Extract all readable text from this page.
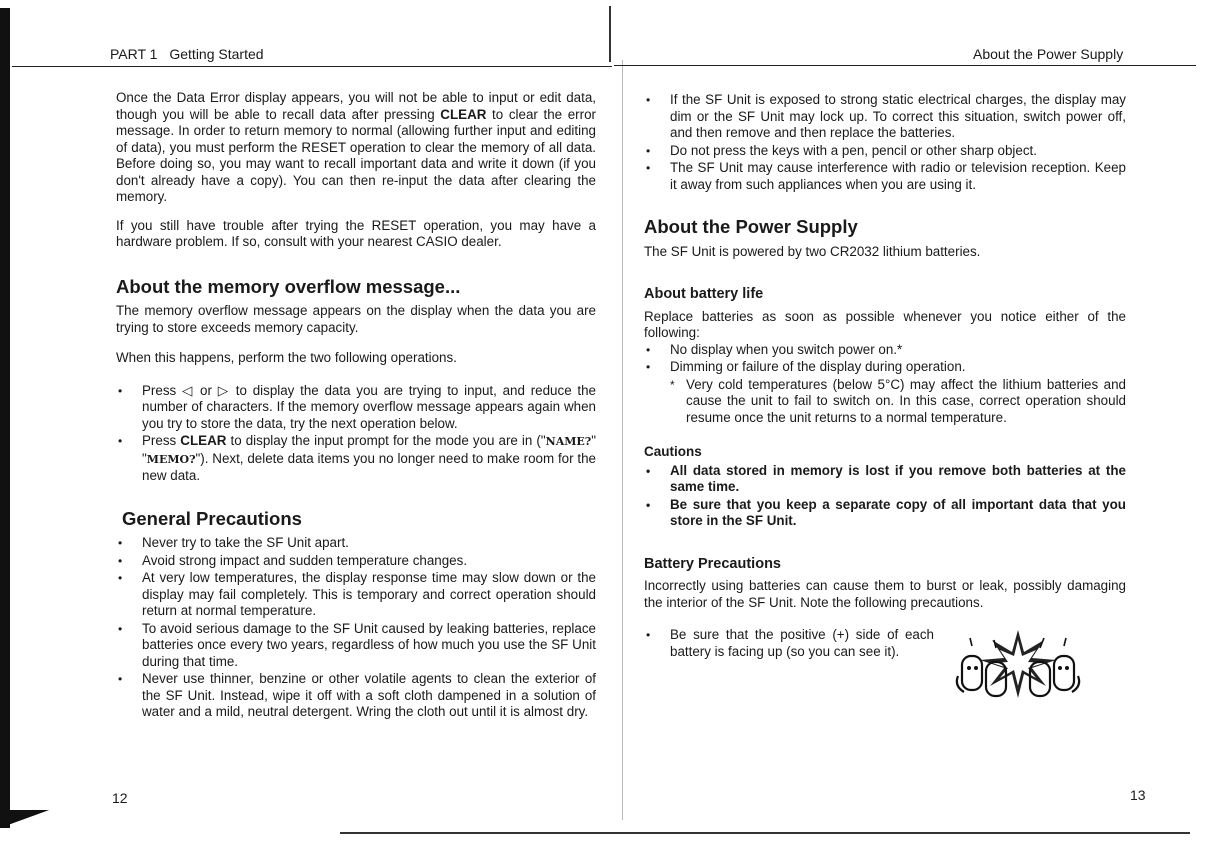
PART 1 Getting Started

Once the Data Error display appears, you will not be able to input or edit data, though you will be able to recall data after pressing CLEAR to clear the error message. In order to return memory to normal (allowing further input and editing of data), you must perform the RESET operation to clear the memory of all data. Before doing so, you may want to recall important data and write it down (if you don't already have a copy). You can then re-input the data after clearing the memory.

If you still have trouble after trying the RESET operation, you may have a hardware problem. If so, consult with your nearest CASIO dealer.

About the memory overflow message...

The memory overflow message appears on the display when the data you are trying to store exceeds memory capacity.

When this happens, perform the two following operations.

• Press ◁ or ▷ to display the data you are trying to input, and reduce the number of characters. If the memory overflow message appears again when you try to store the data, try the next operation below.
• Press CLEAR to display the input prompt for the mode you are in ("NAME?" "MEMO?"). Next, delete data items you no longer need to make room for the new data.
General Precautions
• Never try to take the SF Unit apart.
• Avoid strong impact and sudden temperature changes.
• At very low temperatures, the display response time may slow down or the display may fail completely. This is temporary and correct operation should return at normal temperature.
• To avoid serious damage to the SF Unit caused by leaking batteries, replace batteries once every two years, regardless of how much you use the SF Unit during that time.
• Never use thinner, benzine or other volatile agents to clean the exterior of the SF Unit. Instead, wipe it off with a soft cloth dampened in a solution of water and a mild, neutral detergent. Wring the cloth out until it is almost dry.
12
About the Power Supply
• If the SF Unit is exposed to strong static electrical charges, the display may dim or the SF Unit may lock up. To correct this situation, switch power off, and then remove and then replace the batteries.
• Do not press the keys with a pen, pencil or other sharp object.
• The SF Unit may cause interference with radio or television reception. Keep it away from such appliances when you are using it.
About the Power Supply

The SF Unit is powered by two CR2032 lithium batteries.

About battery life

Replace batteries as soon as possible whenever you notice either of the following:

• No display when you switch power on.*
• Dimming or failure of the display during operation.
* Very cold temperatures (below 5°C) may affect the lithium batteries and cause the unit to fail to switch on. In this case, correct operation should resume once the unit returns to a normal temperature.
Cautions
• All data stored in memory is lost if you remove both batteries at the same time.
• Be sure that you keep a separate copy of all important data that you store in the SF Unit.
Battery Precautions

Incorrectly using batteries can cause them to burst or leak, possibly damaging the interior of the SF Unit. Note the following precautions.

• Be sure that the positive (+) side of each battery is facing up (so you can see it).
13
